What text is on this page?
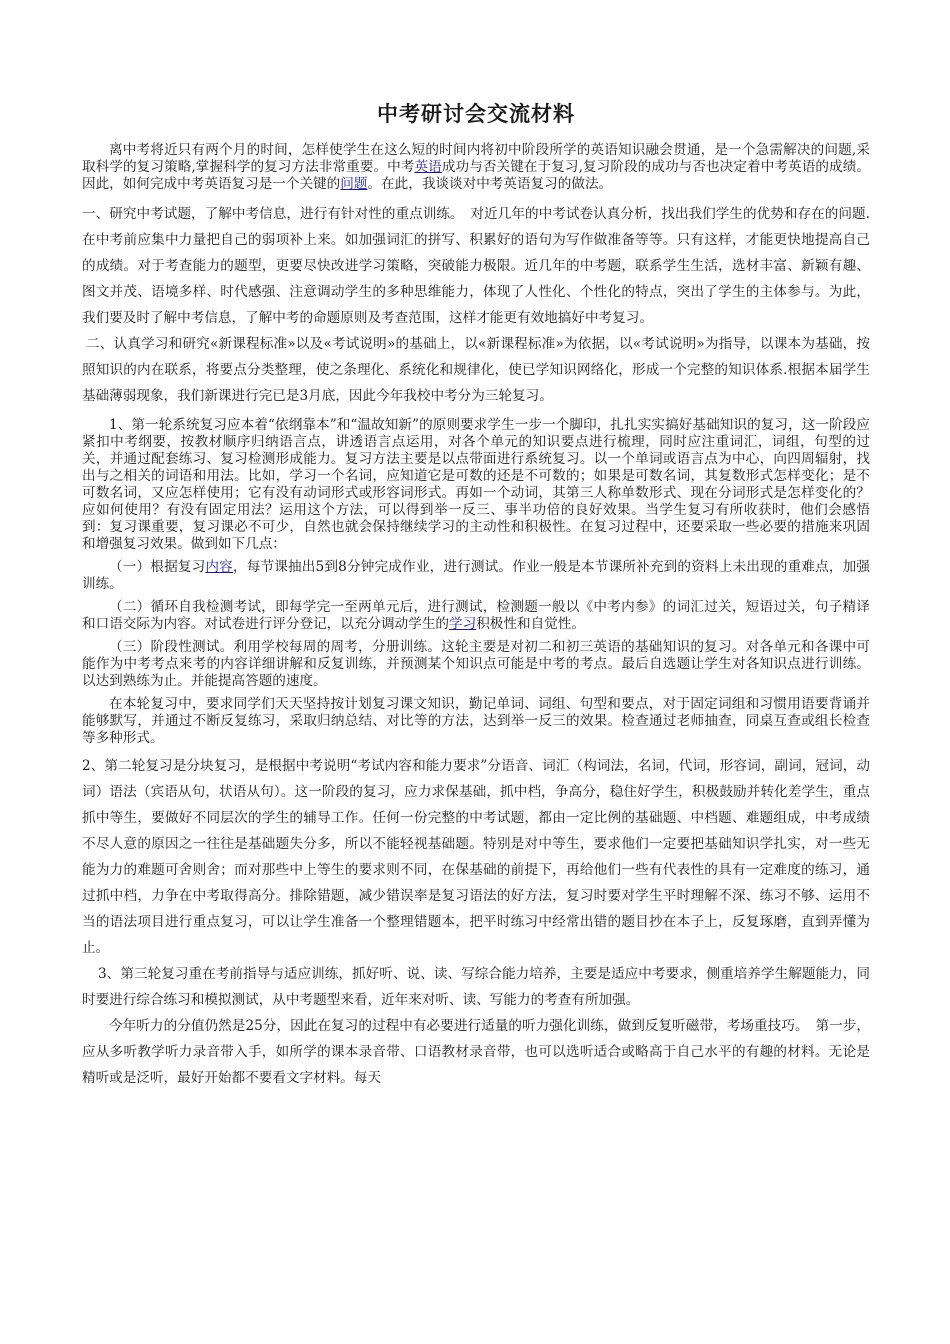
中考研讨会交流材料

离中考将近只有两个月的时间，怎样使学生在这么短的时间内将初中阶段所学的英语知识融会贯通，是一个急需解决的问题,采取科学的复习策略,掌握科学的复习方法非常重要。中考英语成功与否关键在于复习,复习阶段的成功与否也决定着中考英语的成绩。因此，如何完成中考英语复习是一个关键的问题。在此，我谈谈对中考英语复习的做法。

一、研究中考试题，了解中考信息，进行有针对性的重点训练。　对近几年的中考试卷认真分析，找出我们学生的优势和存在的问题.在中考前应集中力量把自己的弱项补上来。如加强词汇的拼写、积累好的语句为写作做准备等等。只有这样，才能更快地提高自己的成绩。对于考查能力的题型，更要尽快改进学习策略，突破能力极限。近几年的中考题，联系学生生活，选材丰富、新颖有趣、图文并茂、语境多样、时代感强、注意调动学生的多种思维能力，体现了人性化、个性化的特点，突出了学生的主体参与。为此，我们要及时了解中考信息，了解中考的命题原则及考查范围，这样才能更有效地搞好中考复习。

二、认真学习和研究«新课程标准»以及«考试说明»的基础上，以«新课程标准»为依据，以«考试说明»为指导，以课本为基础，按照知识的内在联系，将要点分类整理，使之条理化、系统化和规律化，使已学知识网络化，形成一个完整的知识体系.根据本届学生基础薄弱现象，我们新课进行完已是3月底，因此今年我校中考分为三轮复习。

1、第一轮系统复习应本着“依纲靠本”和“温故知新”的原则要求学生一步一个脚印，扎扎实实搞好基础知识的复习，这一阶段应紧扣中考纲要，按教材顺序归纳语言点，讲透语言点运用，对各个单元的知识要点进行梳理，同时应注重词汇，词组，句型的过关，并通过配套练习、复习检测形成能力。复习方法主要是以点带面进行系统复习。以一个单词或语言点为中心，向四周辐射，找出与之相关的词语和用法。比如，学习一个名词，应知道它是可数的还是不可数的；如果是可数名词，其复数形式怎样变化；是不可数名词，又应怎样使用；它有没有动词形式或形容词形式。再如一个动词，其第三人称单数形式、现在分词形式是怎样变化的？应如何使用？有没有固定用法？运用这个方法，可以得到举一反三、事半功倍的良好效果。当学生复习有所收获时，他们会感悟到：复习课重要，复习课必不可少，自然也就会保持继续学习的主动性和积极性。在复习过程中，还要采取一些必要的措施来巩固和增强复习效果。做到如下几点：

（一）根据复习内容，每节课抽出5到8分钟完成作业，进行测试。作业一般是本节课所补充到的资料上未出现的重难点，加强训练。

（二）循环自我检测考试，即每学完一至两单元后，进行测试，检测题一般以《中考内参》的词汇过关，短语过关，句子精译和口语交际为内容。对试卷进行评分登记，以充分调动学生的学习积极性和自觉性。

（三）阶段性测试。利用学校每周的周考，分册训练。这轮主要是对初二和初三英语的基础知识的复习。对各单元和各课中可能作为中考考点来考的内容详细讲解和反复训练，并预测某个知识点可能是中考的考点。最后自选题让学生对各知识点进行训练。以达到熟练为止。并能提高答题的速度。

在本轮复习中，要求同学们天天坚持按计划复习课文知识，勤记单词、词组、句型和要点，对于固定词组和习惯用语要背诵并能够默写，并通过不断反复练习，采取归纳总结、对比等的方法，达到举一反三的效果。检查通过老师抽查，同桌互查或组长检查等多种形式。

2、第二轮复习是分块复习，是根据中考说明“考试内容和能力要求”分语音、词汇（构词法，名词，代词，形容词，副词，冠词，动词）语法（宾语从句，状语从句）。这一阶段的复习，应力求保基础，抓中档，争高分，稳住好学生，积极鼓励并转化差学生，重点抓中等生，要做好不同层次的学生的辅导工作。任何一份完整的中考试题，都由一定比例的基础题、中档题、难题组成，中考成绩不尽人意的原因之一往往是基础题失分多，所以不能轻视基础题。特别是对中等生，要求他们一定要把基础知识学扎实，对一些无能为力的难题可舍则舍；而对那些中上等生的要求则不同，在保基础的前提下，再给他们一些有代表性的具有一定难度的练习，通过抓中档，力争在中考取得高分。排除错题，减少错误率是复习语法的好方法，复习时要对学生平时理解不深、练习不够、运用不当的语法项目进行重点复习，可以让学生准备一个整理错题本，把平时练习中经常出错的题目抄在本子上，反复琢磨，直到弄懂为止。

3、第三轮复习重在考前指导与适应训练，抓好听、说、读、写综合能力培养，主要是适应中考要求，侧重培养学生解题能力，同时要进行综合练习和模拟测试，从中考题型来看，近年来对听、读、写能力的考查有所加强。

今年听力的分值仍然是25分，因此在复习的过程中有必要进行适量的听力强化训练，做到反复听磁带，考场重技巧。　第一步，应从多听教学听力录音带入手，如所学的课本录音带、口语教材录音带，也可以选听适合或略高于自己水平的有趣的材料。无论是精听或是泛听，最好开始都不要看文字材料。每天
